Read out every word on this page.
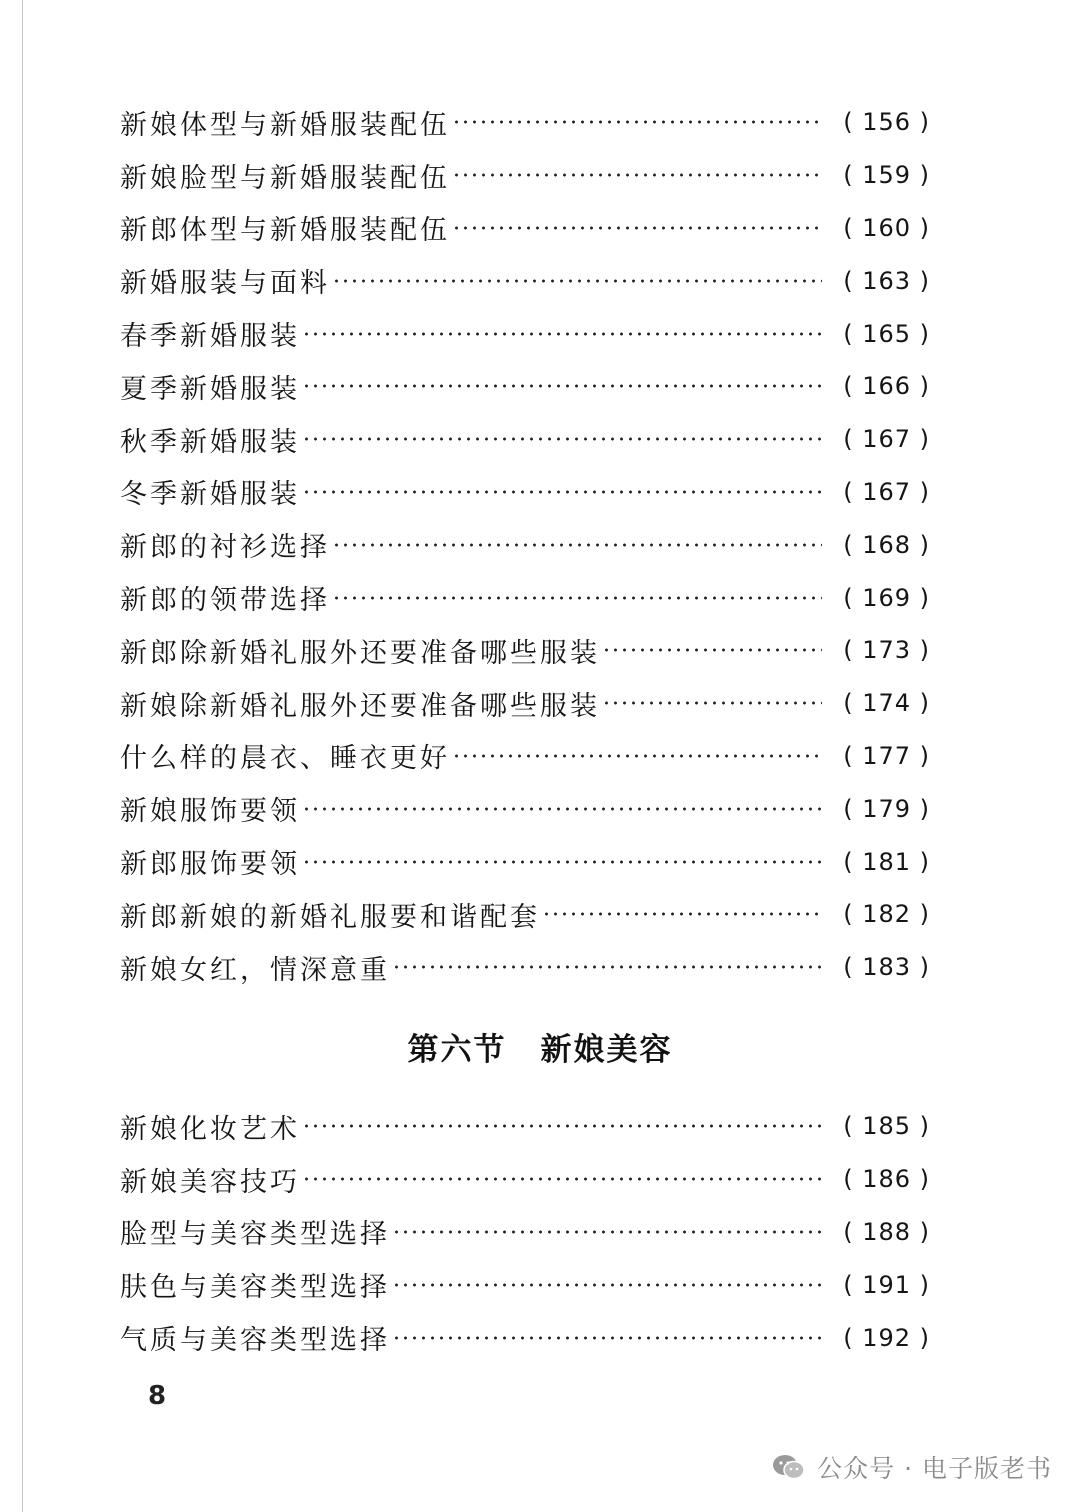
新娘体型与新婚服装配伍	( 156 )
新娘脸型与新婚服装配伍	( 159 )
新郎体型与新婚服装配伍	( 160 )
新婚服装与面料	( 163 )
春季新婚服装	( 165 )
夏季新婚服装	( 166 )
秋季新婚服装	( 167 )
冬季新婚服装	( 167 )
新郎的衬衫选择	( 168 )
新郎的领带选择	( 169 )
新郎除新婚礼服外还要准备哪些服装	( 173 )
新娘除新婚礼服外还要准备哪些服装	( 174 )
什么样的晨衣、睡衣更好	( 177 )
新娘服饰要领	( 179 )
新郎服饰要领	( 181 )
新郎新娘的新婚礼服要和谐配套	( 182 )
新娘女红，情深意重	( 183 )
第六节 新娘美容
新娘化妆艺术	( 185 )
新娘美容技巧	( 186 )
脸型与美容类型选择	( 188 )
肤色与美容类型选择	( 191 )
气质与美容类型选择	( 192 )
8
公众号 · 电子版老书
